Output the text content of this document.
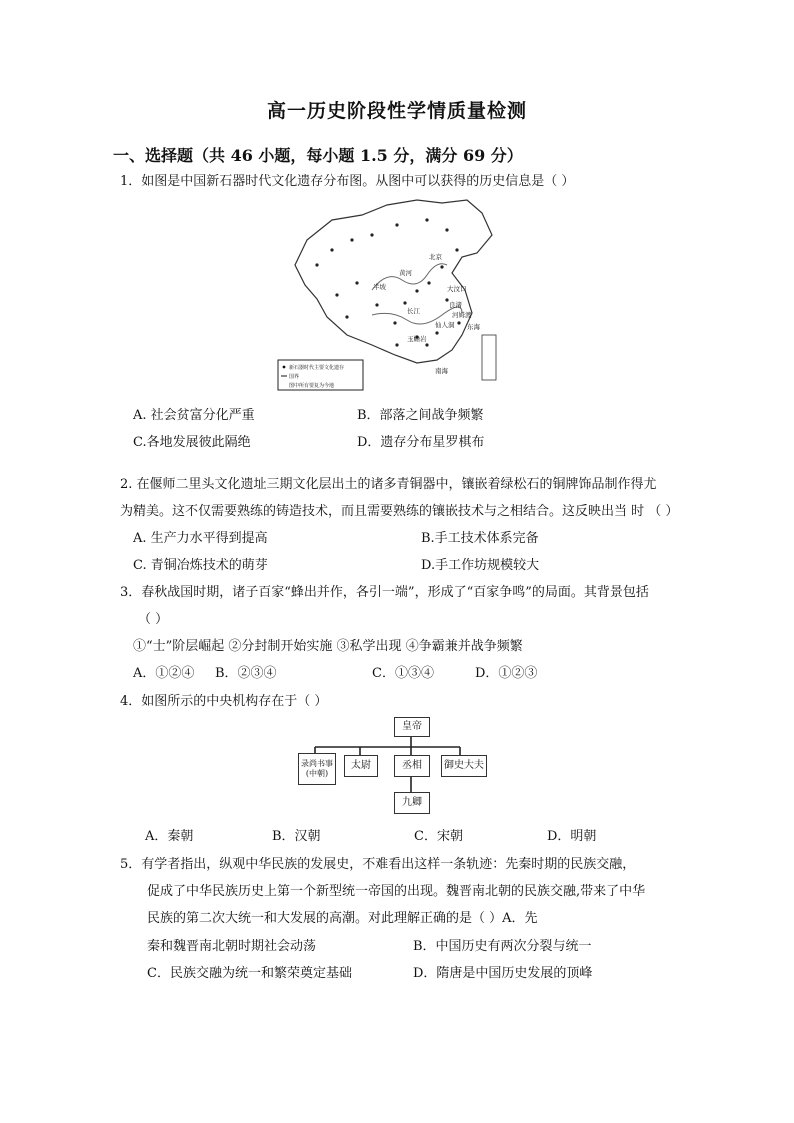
高一历史阶段性学情质量检测
一、选择题（共 46 小题，每小题 1.5 分，满分 69 分）
1．如图是中国新石器时代文化遗存分布图。从图中可以获得的历史信息是（ ）
北京
半坡
黄河
长江
良渚
河姆渡
仙人洞
玉蟾岩
大汶口
东海
南海
新石器时代主要文化遗存
国界
图中所有要复为今地
A. 社会贫富分化严重	B．部落之间战争频繁
C.各地发展彼此隔绝	D．遗存分布星罗棋布
2. 在偃师二里头文化遗址三期文化层出土的诸多青铜器中，镶嵌着绿松石的铜牌饰品制作得尤
为精美。这不仅需要熟练的铸造技术，而且需要熟练的镶嵌技术与之相结合。这反映出当 时 （ ）
A. 生产力水平得到提高	B.手工技术体系完备
C. 青铜冶炼技术的萌芽	D.手工作坊规模较大
3．春秋战国时期，诸子百家“蜂出并作，各引一端”，形成了“百家争鸣”的局面。其背景包括
（ ）
①“士”阶层崛起 ②分封制开始实施 ③私学出现 ④争霸兼并战争频繁
A．①②④ B．②③④	C．①③④	D．①②③
4．如图所示的中央机构存在于（ ）
皇帝
录尚书事
(中朝)
太尉	丞相	御史大夫
九卿
A．秦朝	B．汉朝	C．宋朝	D．明朝
5．有学者指出，纵观中华民族的发展史，不难看出这样一条轨迹：先秦时期的民族交融，
促成了中华民族历史上第一个新型统一帝国的出现。魏晋南北朝的民族交融,带来了中华
民族的第二次大统一和大发展的高潮。对此理解正确的是（ ）A．先
秦和魏晋南北朝时期社会动荡	B．中国历史有两次分裂与统一
C．民族交融为统一和繁荣奠定基础	D．隋唐是中国历史发展的顶峰
